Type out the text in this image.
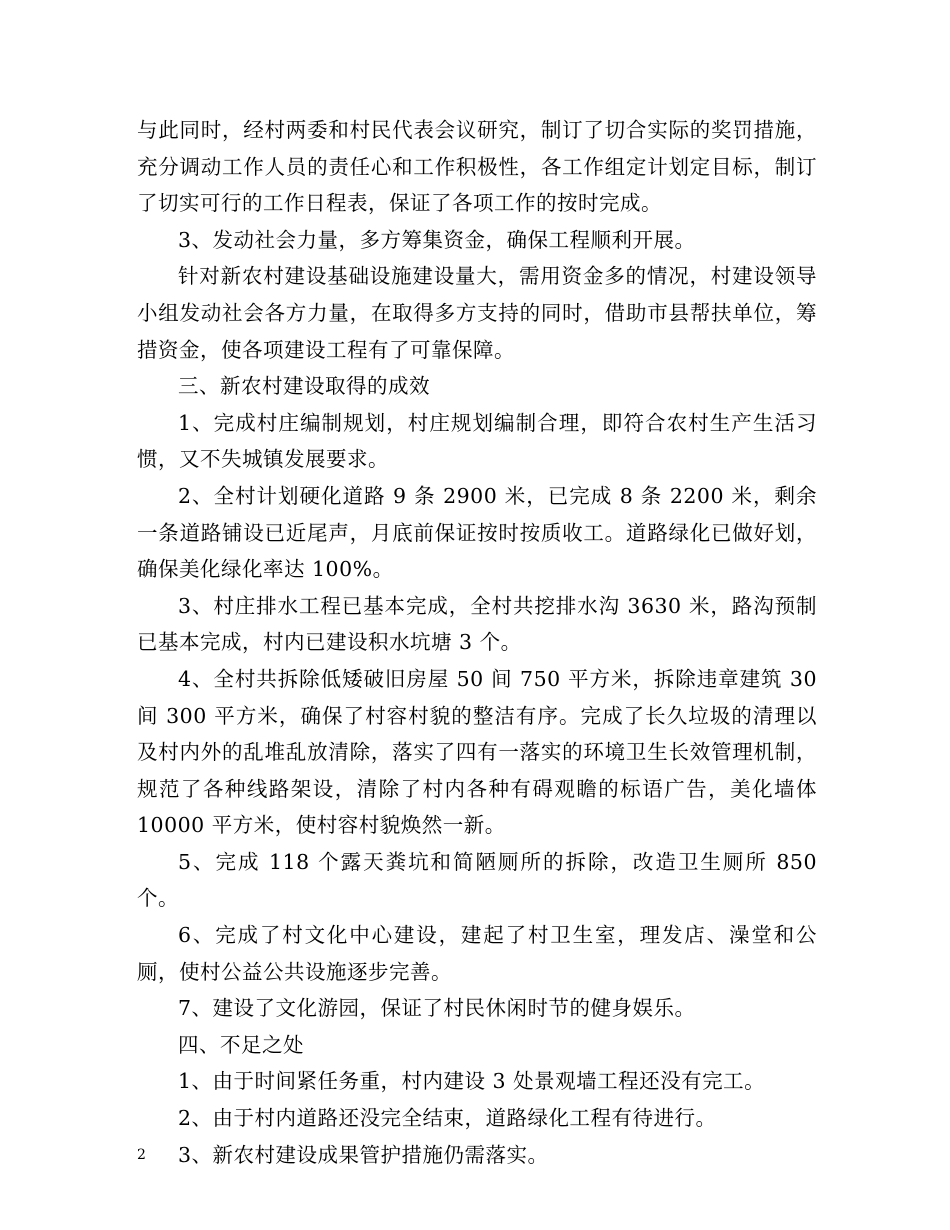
与此同时，经村两委和村民代表会议研究，制订了切合实际的奖罚措施，充分调动工作人员的责任心和工作积极性，各工作组定计划定目标，制订了切实可行的工作日程表，保证了各项工作的按时完成。

3、发动社会力量，多方筹集资金，确保工程顺利开展。

针对新农村建设基础设施建设量大，需用资金多的情况，村建设领导小组发动社会各方力量，在取得多方支持的同时，借助市县帮扶单位，筹措资金，使各项建设工程有了可靠保障。

三、新农村建设取得的成效

1、完成村庄编制规划，村庄规划编制合理，即符合农村生产生活习惯，又不失城镇发展要求。

2、全村计划硬化道路 9 条 2900 米，已完成 8 条 2200 米，剩余一条道路铺设已近尾声，月底前保证按时按质收工。道路绿化已做好划，确保美化绿化率达 100%。

3、村庄排水工程已基本完成，全村共挖排水沟 3630 米，路沟预制已基本完成，村内已建设积水坑塘 3 个。

4、全村共拆除低矮破旧房屋 50 间 750 平方米，拆除违章建筑 30 间 300 平方米，确保了村容村貌的整洁有序。完成了长久垃圾的清理以及村内外的乱堆乱放清除，落实了四有一落实的环境卫生长效管理机制，规范了各种线路架设，清除了村内各种有碍观瞻的标语广告，美化墙体 10000 平方米，使村容村貌焕然一新。

5、完成 118 个露天粪坑和简陋厕所的拆除，改造卫生厕所 850 个。

6、完成了村文化中心建设，建起了村卫生室，理发店、澡堂和公厕，使村公益公共设施逐步完善。

7、建设了文化游园，保证了村民休闲时节的健身娱乐。

四、不足之处

1、由于时间紧任务重，村内建设 3 处景观墙工程还没有完工。

2、由于村内道路还没完全结束，道路绿化工程有待进行。

3、新农村建设成果管护措施仍需落实。

2
